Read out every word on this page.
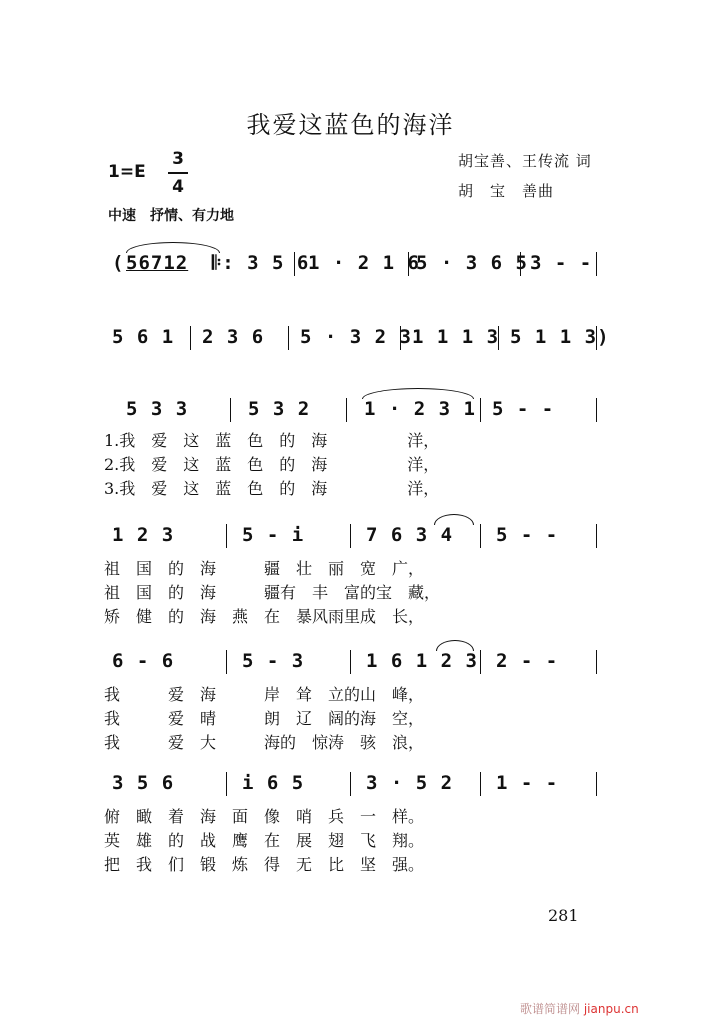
我爱这蓝色的海洋
1=E
3
4
胡宝善、王传流 词
胡　宝　善曲
中速　抒情、有力地
( 56712 𝄆: 3 5 6
1 · 2 1 6
5 · 3 6 5 3 - -
5 6 1 2 3 6 5 · 3 2 3 1 1 1 3 5 1 1 3)
5 3 3	5 3 2	1 · 2 3 1 5 - -
1.我　爱　这　蓝　色　的　海　　　　　洋，
2.我　爱　这　蓝　色　的　海　　　　　洋，
3.我　爱　这　蓝　色　的　海　　　　　洋，
1 2 3	5 - i	7 6 3 4 5 - -
祖　国　的　海　　　疆　壮　丽　宽　广，
祖　国　的　海　　　疆有　丰　富的宝　藏，
矫　健　的　海　燕　在　暴风雨里成　长，
6 - 6	5 - 3	1 6 1 2 3 2 - -
我　　　爱　海　　　岸　耸　立的山　峰，
我　　　爱　晴　　　朗　辽　阔的海　空，
我　　　爱　大　　　海的　惊涛　骇　浪，
3 5 6	i 6 5	3 · 5 2 1 - -
俯　瞰　着　海　面　像　哨　兵　一　样。
英　雄　的　战　鹰　在　展　翅　飞　翔。
把　我　们　锻　炼　得　无　比　坚　强。
281
歌谱简谱网 jianpu.cn
